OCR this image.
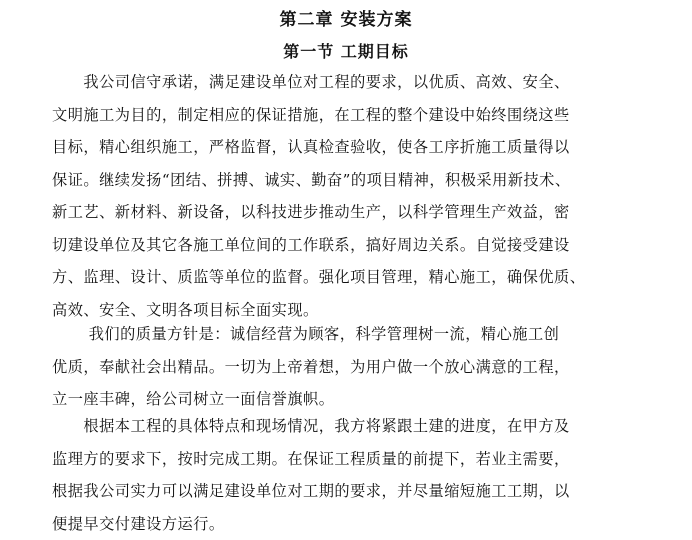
第二章 安装方案
第一节 工期目标

　　我公司信守承诺，满足建设单位对工程的要求，以优质、高效、安全、
文明施工为目的，制定相应的保证措施，在工程的整个建设中始终围绕这些
目标，精心组织施工，严格监督，认真检查验收，使各工序折施工质量得以
保证。继续发扬“团结、拼搏、诚实、勤奋”的项目精神，积极采用新技术、
新工艺、新材料、新设备，以科技进步推动生产，以科学管理生产效益，密
切建设单位及其它各施工单位间的工作联系，搞好周边关系。自觉接受建设
方、监理、设计、质监等单位的监督。强化项目管理，精心施工，确保优质、
高效、安全、文明各项目标全面实现。

　　 我们的质量方针是：诚信经营为顾客，科学管理树一流，精心施工创
优质，奉献社会出精品。一切为上帝着想，为用户做一个放心满意的工程，
立一座丰碑，给公司树立一面信誉旗帜。

　　根据本工程的具体特点和现场情况，我方将紧跟土建的进度，在甲方及
监理方的要求下，按时完成工期。在保证工程质量的前提下，若业主需要，
根据我公司实力可以满足建设单位对工期的要求，并尽量缩短施工工期，以
便提早交付建设方运行。
